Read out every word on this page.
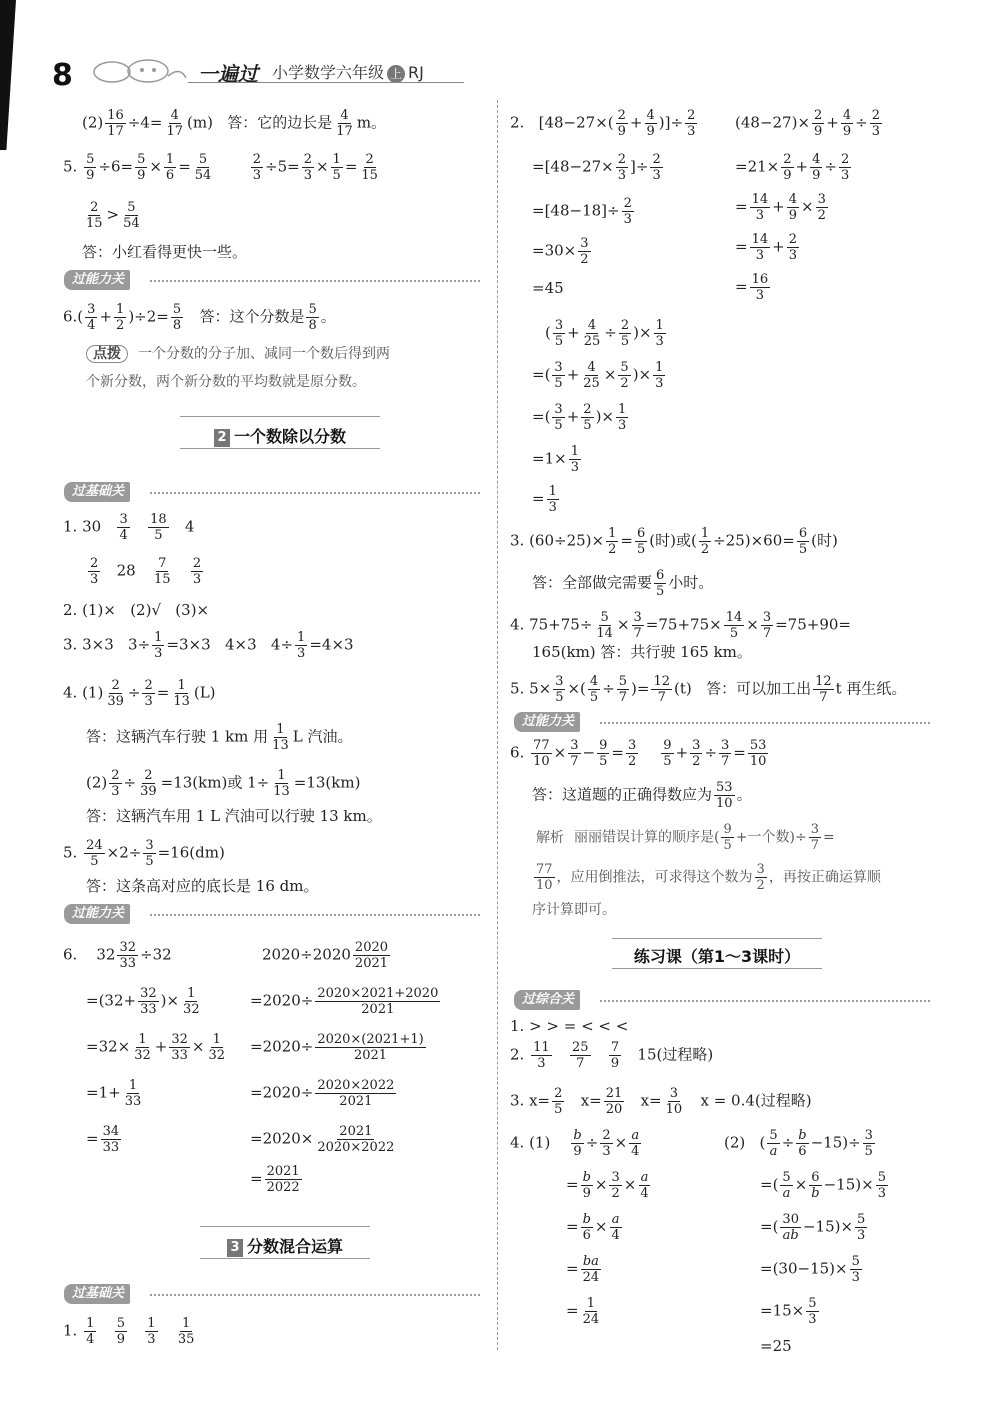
8	一遍过 小学数学六年级 上 RJ
$(2) \frac{16}{17} \div 4= \frac{4}{17} (m)$   答：它的边长是 $\frac{4}{17}$ m。
5. $\frac{5}{9} \div 6= \frac{5}{9} \times \frac{1}{6} = \frac{5}{54}$
	$\frac{2}{3} \div 5= \frac{2}{3} \times \frac{1}{5} = \frac{2}{15}$
$\frac{2}{15} > \frac{5}{54}$
答：小红看得更快一些。
过能力关
$6.( \frac{3}{4} + \frac{1}{2} )\div 2= \frac{5}{8}$ 答：这个分数是 $\frac{5}{8}$ 。
点拨 一个分数的分子加、减同一个数后得到两
个新分数，两个新分数的平均数就是原分数。
2 一个数除以分数
过基础关
1. $30 \frac{3}{4}$
$\frac{18}{5} 4$
$\frac{2}{3} 28 \frac{7}{15}$
$\frac{2}{3}$
2. (1)×   (2)√   (3)×
3. 3×3   $3\div \frac{1}{3} =3\times 3$   4×3   $4\div \frac{1}{3} =4\times 3$
4. $(1) \frac{2}{39} \div \frac{2}{3} = \frac{1}{13} (L)$
答：这辆汽车行驶 1 km 用 $\frac{1}{13}$ L 汽油。
$(2) \frac{2}{3} \div \frac{2}{39} =13(km)$或 $1\div \frac{1}{13} =13(km)$
答：这辆汽车用 1 L 汽油可以行驶 13 km。
5. $\frac{24}{5} \times 2\div \frac{3}{5} =16(dm)$
答：这条高对应的底长是 16 dm。
过能力关
6.    $32 \frac{32}{33} \div 32$
$=(32+ \frac{32}{33}$ )× $\frac{1}{32}$
$=32\times \frac{1}{32} + \frac{32}{33} \times \frac{1}{32}$
$=1+ \frac{1}{33}$
= $\frac{34}{33}$
$2020\div 2020 \frac{2020}{2021}$
$=2020\div \frac{2020\times 2021+2020}{2021}$
$=2020\div \frac{2020\times(2021+1)}{2021}$
$=2020\div \frac{2020\times 2022}{2021}$
$=2020\times \frac{2021}{2020\times 2022}$
= $\frac{2021}{2022}$
3 分数混合运算
过基础关
1. $\frac{1}{4}$
$\frac{5}{9}$
$\frac{1}{3}$
$\frac{1}{35}$
2.   [$48-27\times( \frac{2}{9} + \frac{4}{9}$ )]÷ $\frac{2}{3}$
$=[48-27\times \frac{2}{3}$ ]÷ $\frac{2}{3}$
$=[48-18]\div \frac{2}{3}$
$=30\times \frac{3}{2}$
=45
$(48-27)\times \frac{2}{9} + \frac{4}{9} \div \frac{2}{3}$
$=21\times \frac{2}{9} + \frac{4}{9} \div \frac{2}{3}$
= $\frac{14}{3} + \frac{4}{9} \times \frac{3}{2}$
= $\frac{14}{3} + \frac{2}{3}$
= $\frac{16}{3}$
( $\frac{3}{5} + \frac{4}{25} \div \frac{2}{5}$ )× $\frac{1}{3}$
=( $\frac{3}{5} + \frac{4}{25} \times \frac{5}{2}$ )× $\frac{1}{3}$
=( $\frac{3}{5} + \frac{2}{5}$ )× $\frac{1}{3}$
$=1\times \frac{1}{3}$
= $\frac{1}{3}$
3. $(60\div 25)\times \frac{1}{2} = \frac{6}{5}$ (时)或( $\frac{1}{2} \div 25)\times 60= \frac{6}{5}$ (时)
答：全部做完需要 $\frac{6}{5}$ 小时。
4. $75+75\div \frac{5}{14} \times \frac{3}{7} =75+75\times \frac{14}{5} \times \frac{3}{7} =75+90=$
165(km) 答：共行驶 165 km。
5. $5\times \frac{3}{5}$ ×( $\frac{4}{5} \div \frac{5}{7}$ )= $\frac{12}{7} (t)$   答：可以加工出 $\frac{12}{7}$ t 再生纸。
过能力关
6. $\frac{77}{10} \times \frac{3}{7} - \frac{9}{5} = \frac{3}{2}$
$\frac{9}{5} + \frac{3}{2} \div \frac{3}{7} = \frac{53}{10}$
答：这道题的正确得数应为 $\frac{53}{10}$ 。
解析 丽丽错误计算的顺序是( $\frac{9}{5}$ +一个数)÷ $\frac{3}{7}$ =
$\frac{77}{10}$ ，应用倒推法，可求得这个数为 $\frac{3}{2}$ ，再按正确运算顺
序计算即可。
练习课（第1～3课时）
过综合关
1. > > = < < <
2. $\frac{11}{3}$
$\frac{25}{7}$
$\frac{7}{9} 15$(过程略)
3. $x= \frac{2}{5} x= \frac{21}{20} x= \frac{3}{10}$ x = 0.4(过程略)
4. $(1) \frac{b}{9} \div \frac{2}{3} \times \frac{a}{4}$
= $\frac{b}{9} \times \frac{3}{2} \times \frac{a}{4}$
= $\frac{b}{6} \times \frac{a}{4}$
= $\frac{ba}{24}$
= $\frac{1}{24}$
(2)   ( $\frac{5}{a} \div \frac{b}{6} -15)\div \frac{3}{5}$
=( $\frac{5}{a} \times \frac{6}{b} -15)\times \frac{5}{3}$
=( $\frac{30}{ab} -15)\times \frac{5}{3}$
$=(30-15)\times \frac{5}{3}$
$=15\times \frac{5}{3}$
=25
